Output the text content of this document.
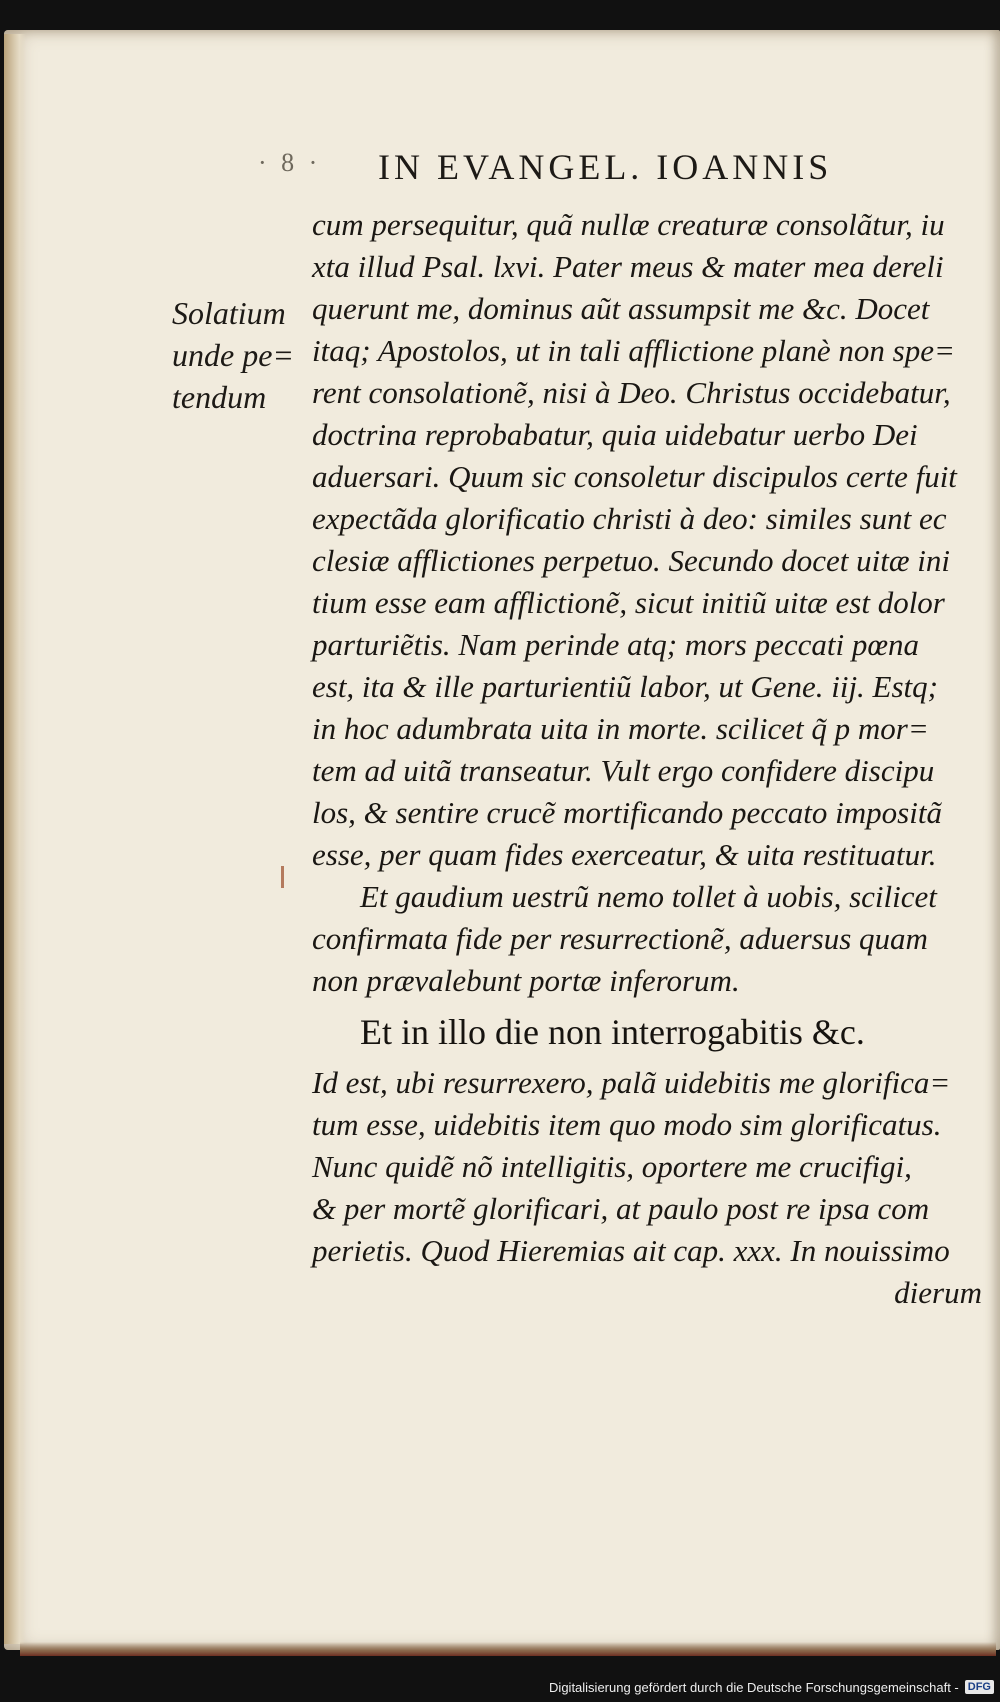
· 8 · IN EVANGEL. IOANNIS
Solatium
unde pe=
tendum
cum persequitur, quã nullæ creaturæ consolãtur, iu
xta illud Psal. lxvi. Pater meus & mater mea dereli
querunt me, dominus aũt assumpsit me &c. Docet
itaq; Apostolos, ut in tali afflictione planè non spe=
rent consolationẽ, nisi à Deo. Christus occidebatur,
doctrina reprobabatur, quia uidebatur uerbo Dei
aduersari. Quum sic consoletur discipulos certe fuit
expectãda glorificatio christi à deo: similes sunt ec
clesiæ afflictiones perpetuo. Secundo docet uitæ ini
tium esse eam afflictionẽ, sicut initiũ uitæ est dolor
parturiẽtis. Nam perinde atq; mors peccati pœna
est, ita & ille parturientiũ labor, ut Gene. iij. Estq;
in hoc adumbrata uita in morte. scilicet q̃ p mor=
tem ad uitã transeatur. Vult ergo confidere discipu
los, & sentire crucẽ mortificando peccato impositã
esse, per quam fides exerceatur, & uita restituatur.
Et gaudium uestrũ nemo tollet à uobis, scilicet
confirmata fide per resurrectionẽ, aduersus quam
non prævalebunt portæ inferorum.
Et in illo die non interrogabitis &c.
Id est, ubi resurrexero, palã uidebitis me glorifica=
tum esse, uidebitis item quo modo sim glorificatus.
Nunc quidẽ nõ intelligitis, oportere me crucifigi,
& per mortẽ glorificari, at paulo post re ipsa com
perietis. Quod Hieremias ait cap. xxx. In nouissimo
dierum
Digitalisierung gefördert durch die Deutsche Forschungsgemeinschaft - DFG
